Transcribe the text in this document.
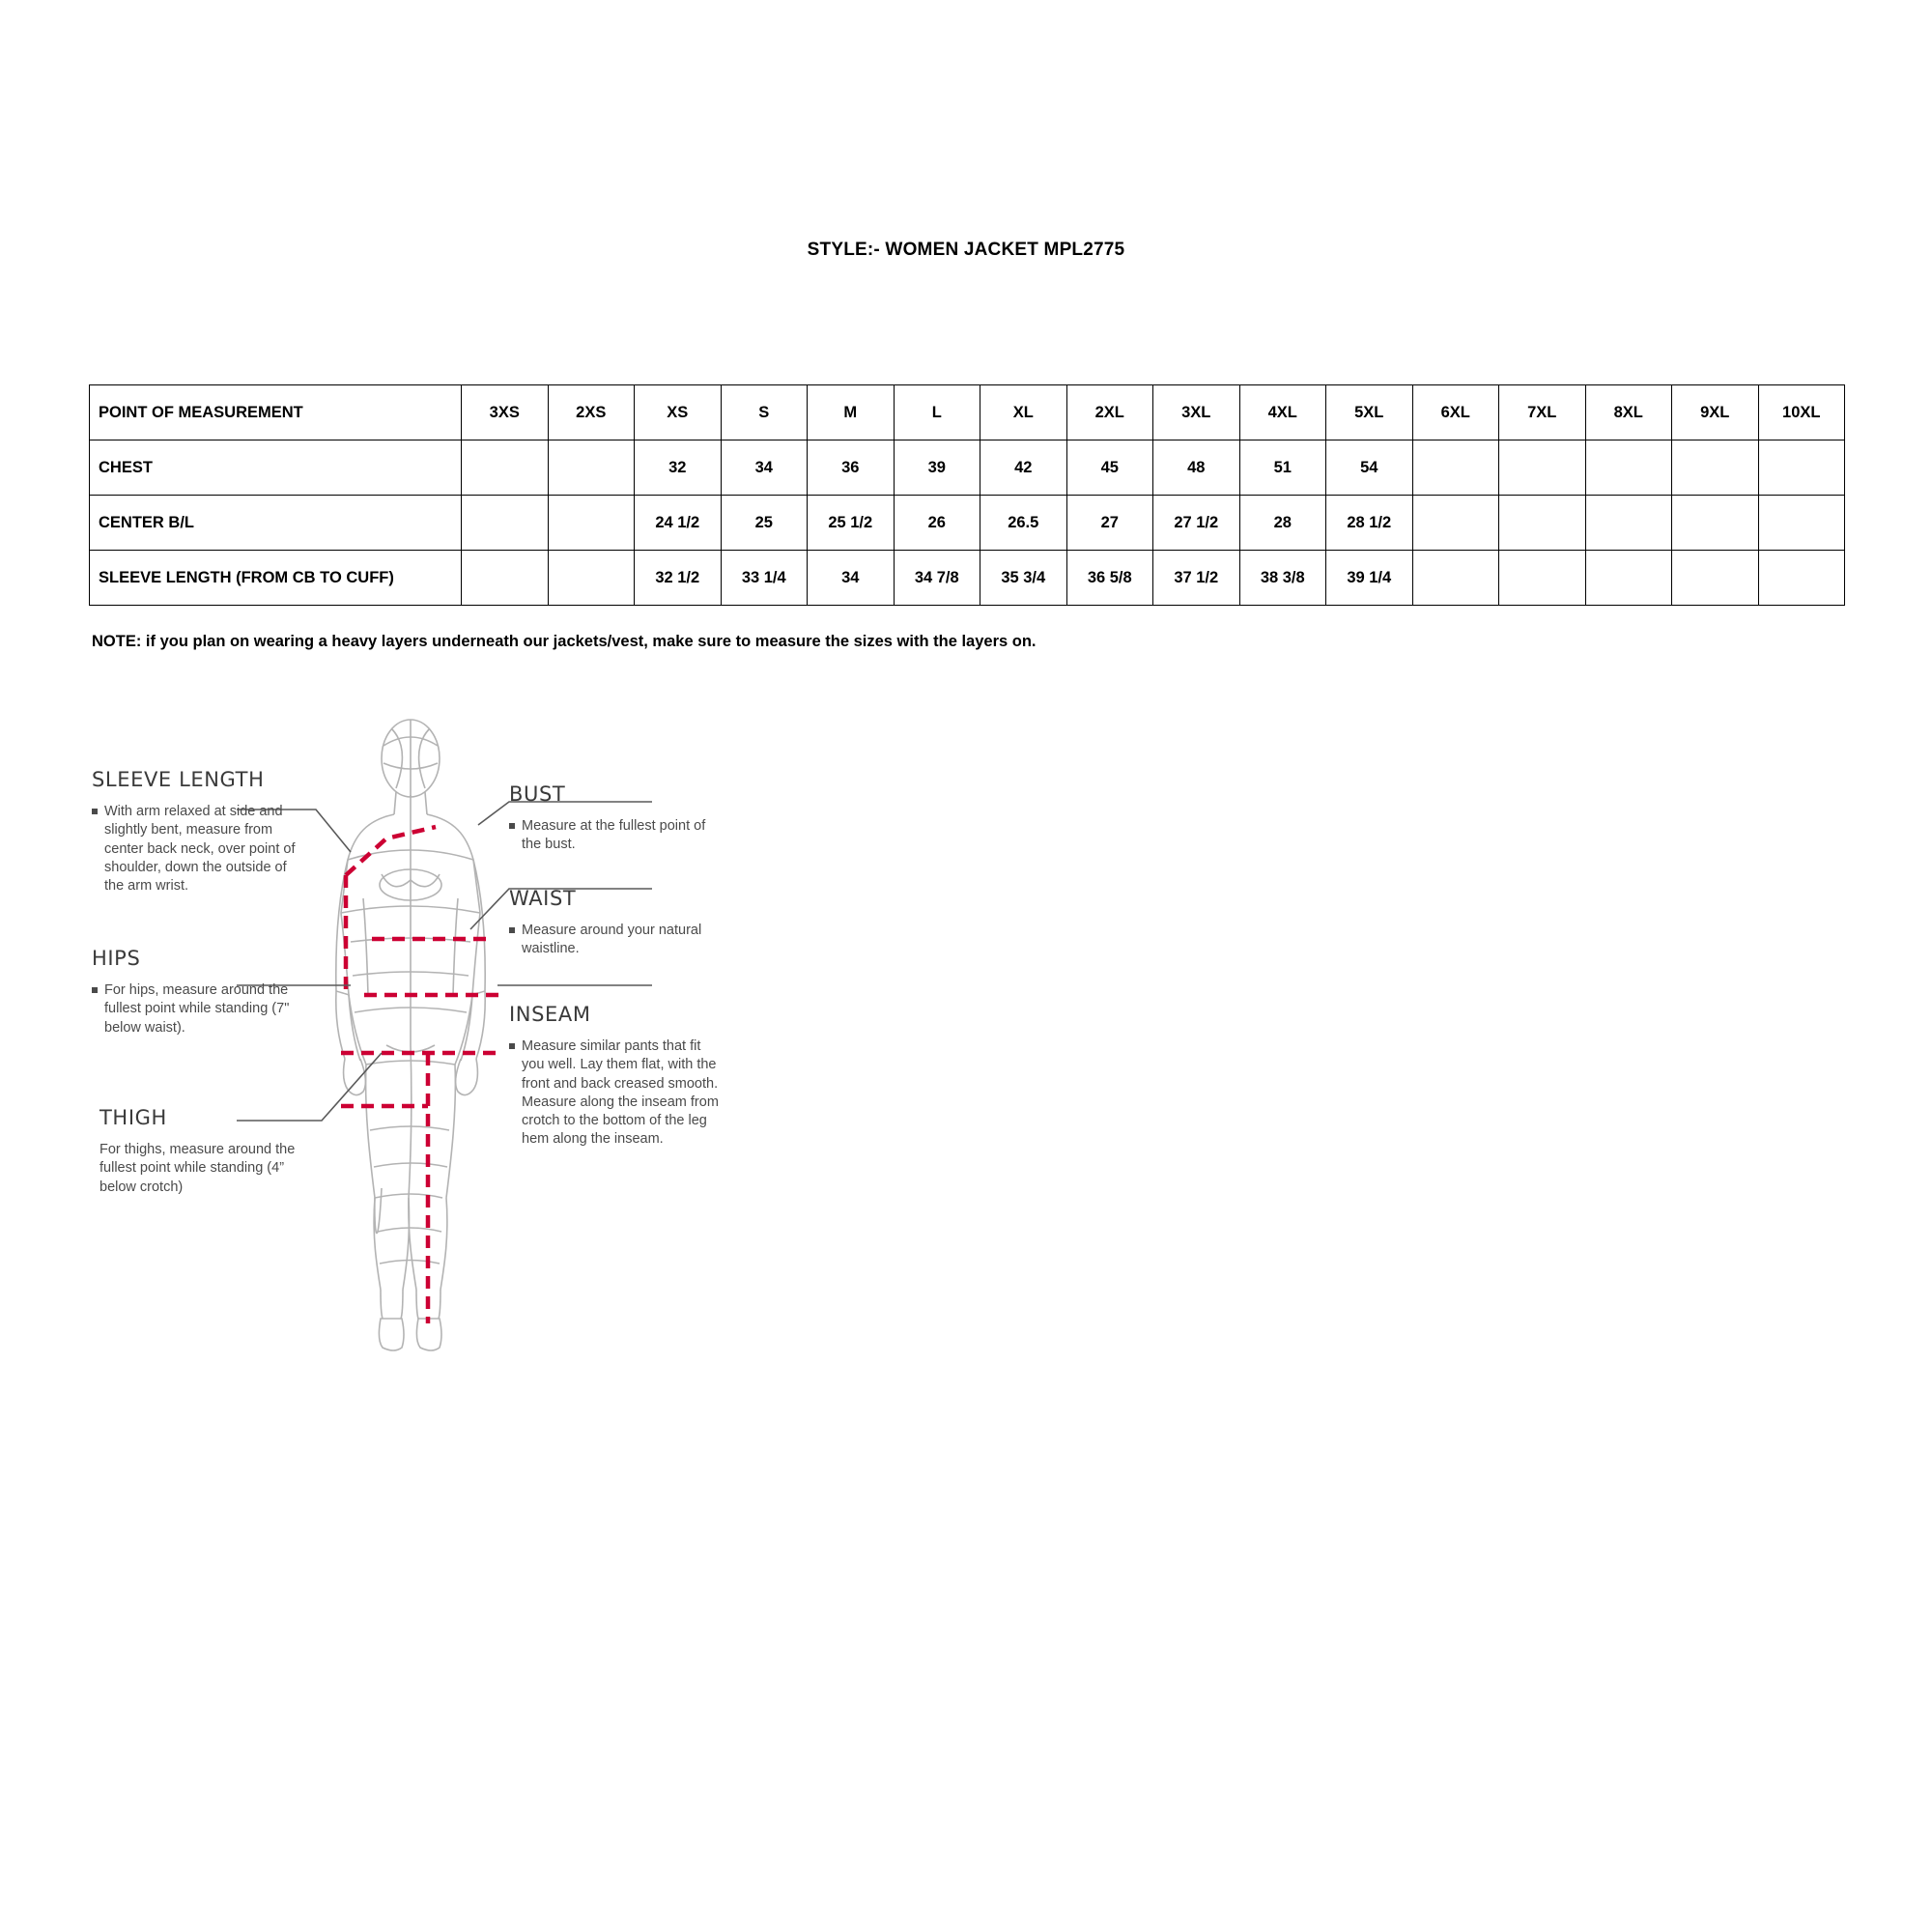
STYLE:- WOMEN JACKET MPL2775
POINT OF MEASUREMENT	3XS	2XS	XS	S	M	L	XL	2XL	3XL	4XL	5XL	6XL	7XL	8XL	9XL	10XL
CHEST			32	34	36	39	42	45	48	51	54					
CENTER B/L			24 1/2	25	25 1/2	26	26.5	27	27 1/2	28	28 1/2					
SLEEVE LENGTH (FROM CB TO CUFF)			32 1/2	33 1/4	34	34 7/8	35 3/4	36 5/8	37 1/2	38 3/8	39 1/4					
NOTE: if you plan on wearing a heavy layers underneath our jackets/vest, make sure to measure the sizes with the layers on.
SLEEVE LENGTH
With arm relaxed at side and slightly bent, measure from center back neck, over point of shoulder, down the outside of the arm wrist.
HIPS
For hips, measure around the fullest point while standing (7" below waist).
THIGH
For thighs, measure around the fullest point while standing (4” below crotch)
BUST
Measure at the fullest point of the bust.
WAIST
Measure around your natural waistline.
INSEAM
Measure similar pants that fit you well. Lay them flat, with the front and back creased smooth. Measure along the inseam from crotch to the bottom of the leg hem along the inseam.
